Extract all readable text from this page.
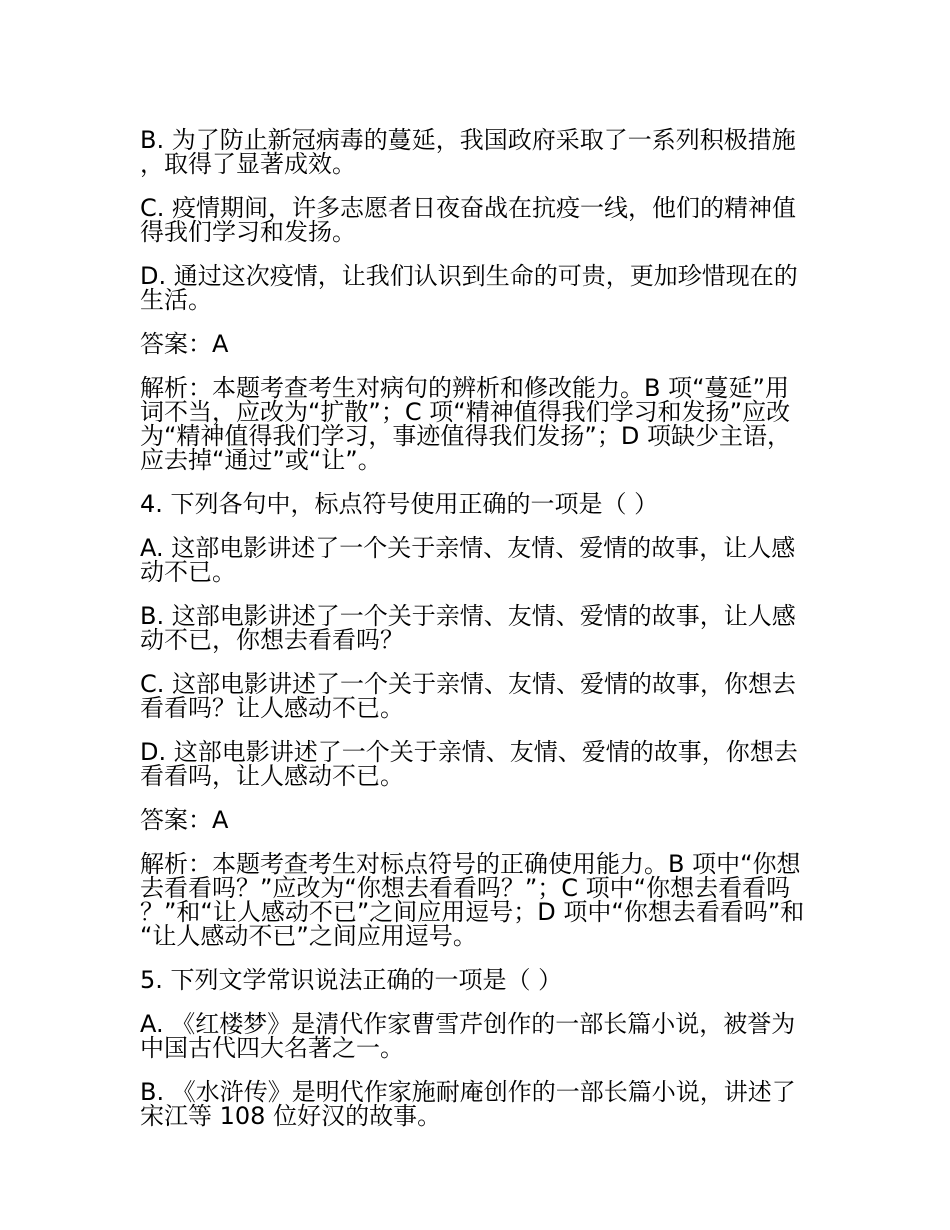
B. 为了防止新冠病毒的蔓延，我国政府采取了一系列积极措施，取得了显著成效。

C. 疫情期间，许多志愿者日夜奋战在抗疫一线，他们的精神值得我们学习和发扬。

D. 通过这次疫情，让我们认识到生命的可贵，更加珍惜现在的生活。

答案：A

解析：本题考查考生对病句的辨析和修改能力。B 项“蔓延”用词不当，应改为“扩散”；C 项“精神值得我们学习和发扬”应改为“精神值得我们学习，事迹值得我们发扬”；D 项缺少主语，应去掉“通过”或“让”。

4. 下列各句中，标点符号使用正确的一项是（ ）

A. 这部电影讲述了一个关于亲情、友情、爱情的故事，让人感动不已。

B. 这部电影讲述了一个关于亲情、友情、爱情的故事，让人感动不已，你想去看看吗？

C. 这部电影讲述了一个关于亲情、友情、爱情的故事，你想去看看吗？让人感动不已。

D. 这部电影讲述了一个关于亲情、友情、爱情的故事，你想去看看吗，让人感动不已。

答案：A

解析：本题考查考生对标点符号的正确使用能力。B 项中“你想去看看吗？”应改为“你想去看看吗？”；C 项中“你想去看看吗？”和“让人感动不已”之间应用逗号；D 项中“你想去看看吗”和“让人感动不已”之间应用逗号。

5. 下列文学常识说法正确的一项是（ ）

A. 《红楼梦》是清代作家曹雪芹创作的一部长篇小说，被誉为中国古代四大名著之一。

B. 《水浒传》是明代作家施耐庵创作的一部长篇小说，讲述了宋江等 108 位好汉的故事。
